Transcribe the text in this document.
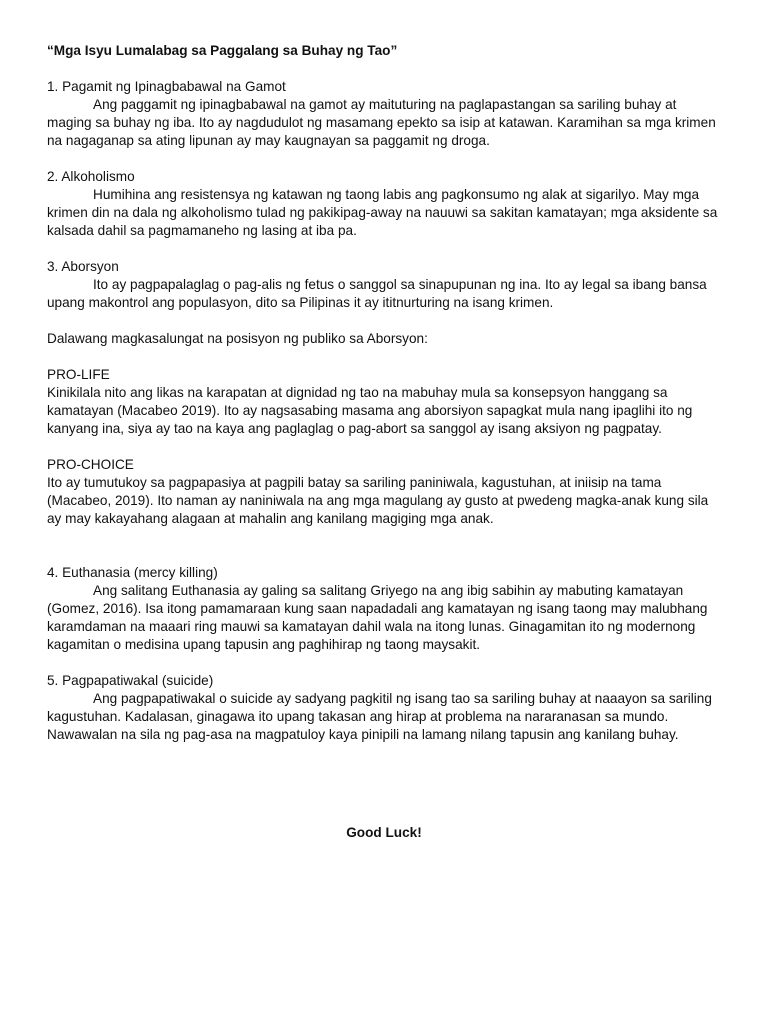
“Mga Isyu Lumalabag sa Paggalang sa Buhay ng Tao”

1. Pagamit ng Ipinagbabawal na Gamot

Ang paggamit ng ipinagbabawal na gamot ay maituturing na paglapastangan sa sariling buhay at maging sa buhay ng iba. Ito ay nagdudulot ng masamang epekto sa isip at katawan. Karamihan sa mga krimen na nagaganap sa ating lipunan ay may kaugnayan sa paggamit ng droga.

2. Alkoholismo

Humihina ang resistensya ng katawan ng taong labis ang pagkonsumo ng alak at sigarilyo. May mga krimen din na dala ng alkoholismo tulad ng pakikipag-away na nauuwi sa sakitan kamatayan; mga aksidente sa kalsada dahil sa pagmamaneho ng lasing at iba pa.

3. Aborsyon

Ito ay pagpapalaglag o pag-alis ng fetus o sanggol sa sinapupunan ng ina. Ito ay legal sa ibang bansa upang makontrol ang populasyon, dito sa Pilipinas it ay ititnurturing na isang krimen.

Dalawang magkasalungat na posisyon ng publiko sa Aborsyon:

PRO-LIFE

Kinikilala nito ang likas na karapatan at dignidad ng tao na mabuhay mula sa konsepsyon hanggang sa kamatayan (Macabeo 2019). Ito ay nagsasabing masama ang aborsiyon sapagkat mula nang ipaglihi ito ng kanyang ina, siya ay tao na kaya ang paglaglag o pag-abort sa sanggol ay isang aksiyon ng pagpatay.

PRO-CHOICE

Ito ay tumutukoy sa pagpapasiya at pagpili batay sa sariling paniniwala, kagustuhan, at iniisip na tama (Macabeo, 2019). Ito naman ay naniniwala na ang mga magulang ay gusto at pwedeng magka-anak kung sila ay may kakayahang alagaan at mahalin ang kanilang magiging mga anak.

4. Euthanasia (mercy killing)

Ang salitang Euthanasia ay galing sa salitang Griyego na ang ibig sabihin ay mabuting kamatayan (Gomez, 2016). Isa itong pamamaraan kung saan napadadali ang kamatayan ng isang taong may malubhang karamdaman na maaari ring mauwi sa kamatayan dahil wala na itong lunas. Ginagamitan ito ng modernong kagamitan o medisina upang tapusin ang paghihirap ng taong maysakit.

5. Pagpapatiwakal (suicide)

Ang pagpapatiwakal o suicide ay sadyang pagkitil ng isang tao sa sariling buhay at naaayon sa sariling kagustuhan. Kadalasan, ginagawa ito upang takasan ang hirap at problema na nararanasan sa mundo. Nawawalan na sila ng pag-asa na magpatuloy kaya pinipili na lamang nilang tapusin ang kanilang buhay.

Good Luck!
